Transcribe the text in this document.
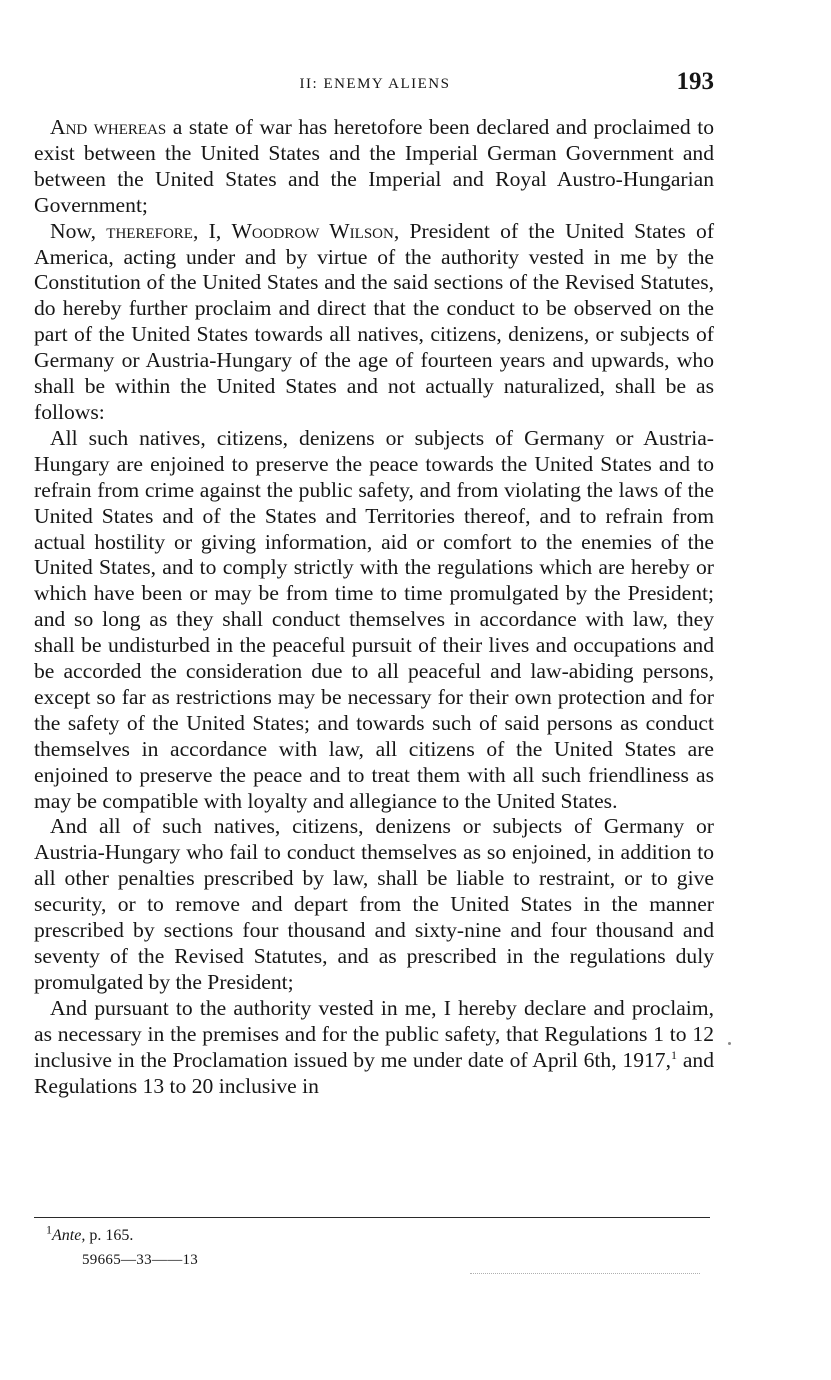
II: ENEMY ALIENS	193

And whereas a state of war has heretofore been declared and proclaimed to exist between the United States and the Imperial German Government and between the United States and the Imperial and Royal Austro-Hungarian Government;

Now, therefore, I, Woodrow Wilson, President of the United States of America, acting under and by virtue of the authority vested in me by the Constitution of the United States and the said sections of the Revised Statutes, do hereby further proclaim and direct that the conduct to be observed on the part of the United States towards all natives, citizens, denizens, or subjects of Germany or Austria-Hungary of the age of fourteen years and upwards, who shall be within the United States and not actually naturalized, shall be as follows:

All such natives, citizens, denizens or subjects of Germany or Austria-Hungary are enjoined to preserve the peace towards the United States and to refrain from crime against the public safety, and from violating the laws of the United States and of the States and Territories thereof, and to refrain from actual hostility or giving information, aid or comfort to the enemies of the United States, and to comply strictly with the regulations which are hereby or which have been or may be from time to time promulgated by the President; and so long as they shall conduct themselves in accordance with law, they shall be undisturbed in the peaceful pursuit of their lives and occupations and be accorded the consideration due to all peaceful and law-abiding persons, except so far as restrictions may be necessary for their own protection and for the safety of the United States; and towards such of said persons as conduct themselves in accordance with law, all citizens of the United States are enjoined to preserve the peace and to treat them with all such friendliness as may be compatible with loyalty and allegiance to the United States.

And all of such natives, citizens, denizens or subjects of Germany or Austria-Hungary who fail to conduct themselves as so enjoined, in addition to all other penalties prescribed by law, shall be liable to restraint, or to give security, or to remove and depart from the United States in the manner prescribed by sections four thousand and sixty-nine and four thousand and seventy of the Revised Statutes, and as prescribed in the regulations duly promulgated by the President;

And pursuant to the authority vested in me, I hereby declare and proclaim, as necessary in the premises and for the public safety, that Regulations 1 to 12 inclusive in the Proclamation issued by me under date of April 6th, 1917,$^1$ and Regulations 13 to 20 inclusive in

$^1$Ante, p. 165.
59665—33——13
